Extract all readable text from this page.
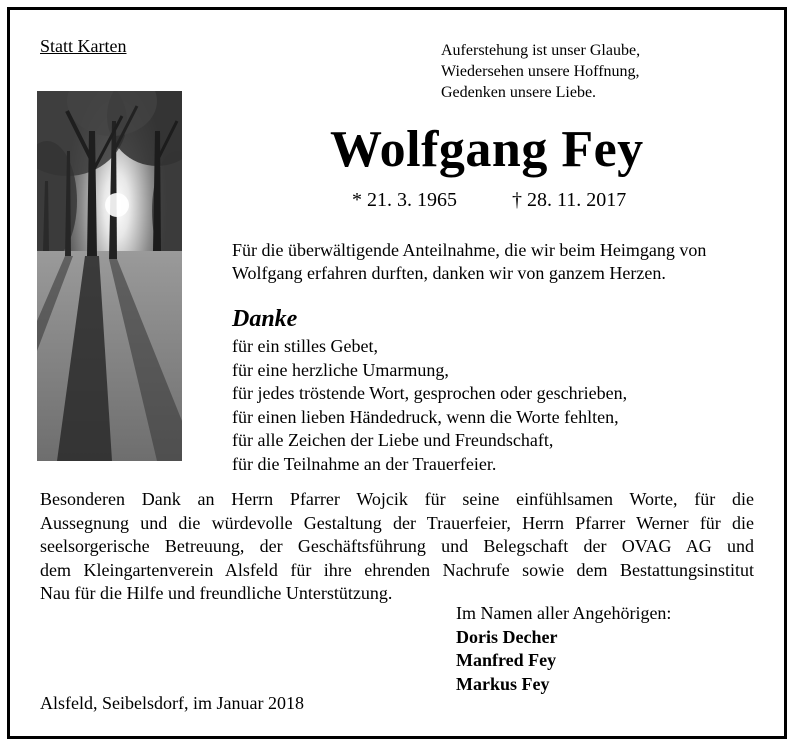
Statt Karten	Auferstehung ist unser Glaube,
Wiedersehen unsere Hoffnung,
Gedenken unsere Liebe.
Wolfgang Fey
* 21. 3. 1965	† 28. 11. 2017
Für die überwältigende Anteilnahme, die wir beim Heimgang von
Wolfgang erfahren durften, danken wir von ganzem Herzen.
Danke
für ein stilles Gebet,
für eine herzliche Umarmung,
für jedes tröstende Wort, gesprochen oder geschrieben,
für einen lieben Händedruck, wenn die Worte fehlten,
für alle Zeichen der Liebe und Freundschaft,
für die Teilnahme an der Trauerfeier.
Besonderen Dank an Herrn Pfarrer Wojcik für seine einfühlsamen Worte, für die
Aussegnung und die würdevolle Gestaltung der Trauerfeier, Herrn Pfarrer Werner für die
seelsorgerische Betreuung, der Geschäftsführung und Belegschaft der OVAG AG und
dem Kleingartenverein Alsfeld für ihre ehrenden Nachrufe sowie dem Bestattungsinstitut
Nau für die Hilfe und freundliche Unterstützung.
Im Namen aller Angehörigen:
Doris Decher
Manfred Fey
Markus Fey
Alsfeld, Seibelsdorf, im Januar 2018
